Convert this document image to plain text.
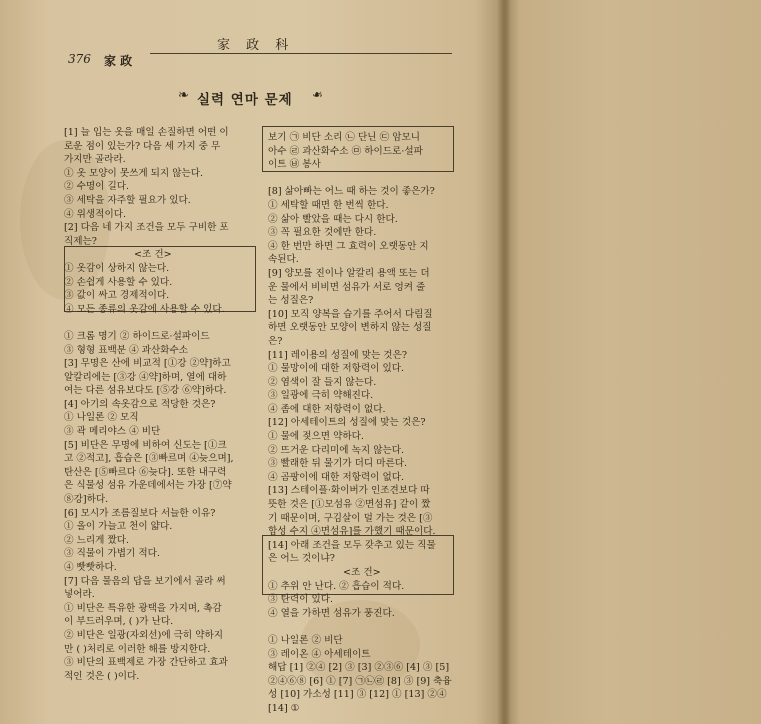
家 政 科
376 家 政
❧ 실력 연마 문제 ❧
[1] 늘 입는 옷을 매일 손질하면 어떤 이
로운 점이 있는가? 다음 세 가지 중 무
가지만 골라라.
① 옷 모양이 못쓰게 되지 않는다.
② 수명이 길다.
③ 세탁을 자주할 필요가 있다.
④ 위생적이다.
[2] 다음 네 가지 조건을 모두 구비한 포
직제는?
<조 건>
① 옷감이 상하지 않는다.
② 손쉽게 사용할 수 있다.
③ 값이 싸고 경제적이다.
④ 모든 종류의 옷감에 사용할 수 있다.
① 크롬 명기 ② 하이드로·설파이드
③ 형형 표백분 ④ 과산화수소
[3] 무명은 산에 비교적 [①강 ②약]하고
알칼리에는 [③강 ④약]하며, 열에 대하
여는 다른 섬유보다도 [⑤강 ⑥약]하다.
[4] 아기의 속옷감으로 적당한 것은?
① 나일론 ② 모직
③ 곽 메리야스 ④ 비단
[5] 비단은 무명에 비하여 신도는 [①크
고 ②적고], 흡습은 [③빠르며 ④늦으며],
탄산은 [⑤빠르다 ⑥늦다]. 또한 내구력
은 식물성 섬유 가운데에서는 가장 [⑦약
⑧강]하다.
[6] 모시가 조름질보다 서늘한 이유?
① 올이 가늘고 천이 얇다.
② 느리게 짰다.
③ 직물이 가볍기 적다.
④ 빳빳하다.
[7] 다음 물음의 답을 보기에서 골라 써
넣어라.
① 비단은 특유한 광택을 가지며, 촉감
이 부드러우며, ( )가 난다.
② 비단은 일광(자외선)에 극히 약하지
만 ( )처리로 이러한 해를 방지한다.
③ 비단의 표백제로 가장 간단하고 효과
적인 것은 ( )이다.
보기 ㉠ 비단 소리 ㉡ 단닌 ㉢ 암모니
아수 ㉣ 과산화수소 ㉤ 하이드로·설파
이트 ㉥ 봉사
[8] 삶아빠는 어느 때 하는 것이 좋은가?
① 세탁할 때면 한 번씩 한다.
② 삶아 빨았을 때는 다시 한다.
③ 꼭 필요한 것에만 한다.
④ 한 번만 하면 그 효력이 오랫동안 지
속된다.
[9] 양모를 진이나 알칼리 용액 또는 더
운 물에서 비비면 섬유가 서로 엉켜 줄
는 성질은?
[10] 모직 양복을 습기를 주어서 다림질
하면 오랫동안 모양이 변하지 않는 성질
은?
[11] 레이용의 성질에 맞는 것은?
① 물망이에 대한 저항력이 있다.
② 염색이 잘 들지 않는다.
③ 일광에 극히 약해진다.
④ 좀에 대한 저항력이 없다.
[12] 아세테이트의 성질에 맞는 것은?
① 물에 젖으면 약하다.
② 뜨거운 다리미에 녹지 않는다.
③ 빨래한 뒤 물기가 더디 마른다.
④ 곰팡이에 대한 저항력이 없다.
[13] 스테이플·화이버가 인조견보다 따
뜻한 것은 [①모섬유 ②면섬유] 같이 짰
기 때문이며, 구김살이 덜 가는 것은 [③
합성 수지 ④면섬유]를 가했기 때문이다.
[14] 아래 조건을 모두 갖추고 있는 직물
은 어느 것이냐?
<조 건>
① 추위 안 난다. ② 흡습이 적다.
③ 탄력이 있다.
④ 열을 가하면 섬유가 풍진다.
① 나일론 ② 비단
③ 레이온 ④ 아세테이트
해답 [1] ②④ [2] ③ [3] ②③⑥ [4] ③ [5]
②④⑥⑧ [6] ① [7] ㉠㉡㉣ [8] ③ [9] 축융
성 [10] 가소성 [11] ③ [12] ① [13] ②④
[14] ①
